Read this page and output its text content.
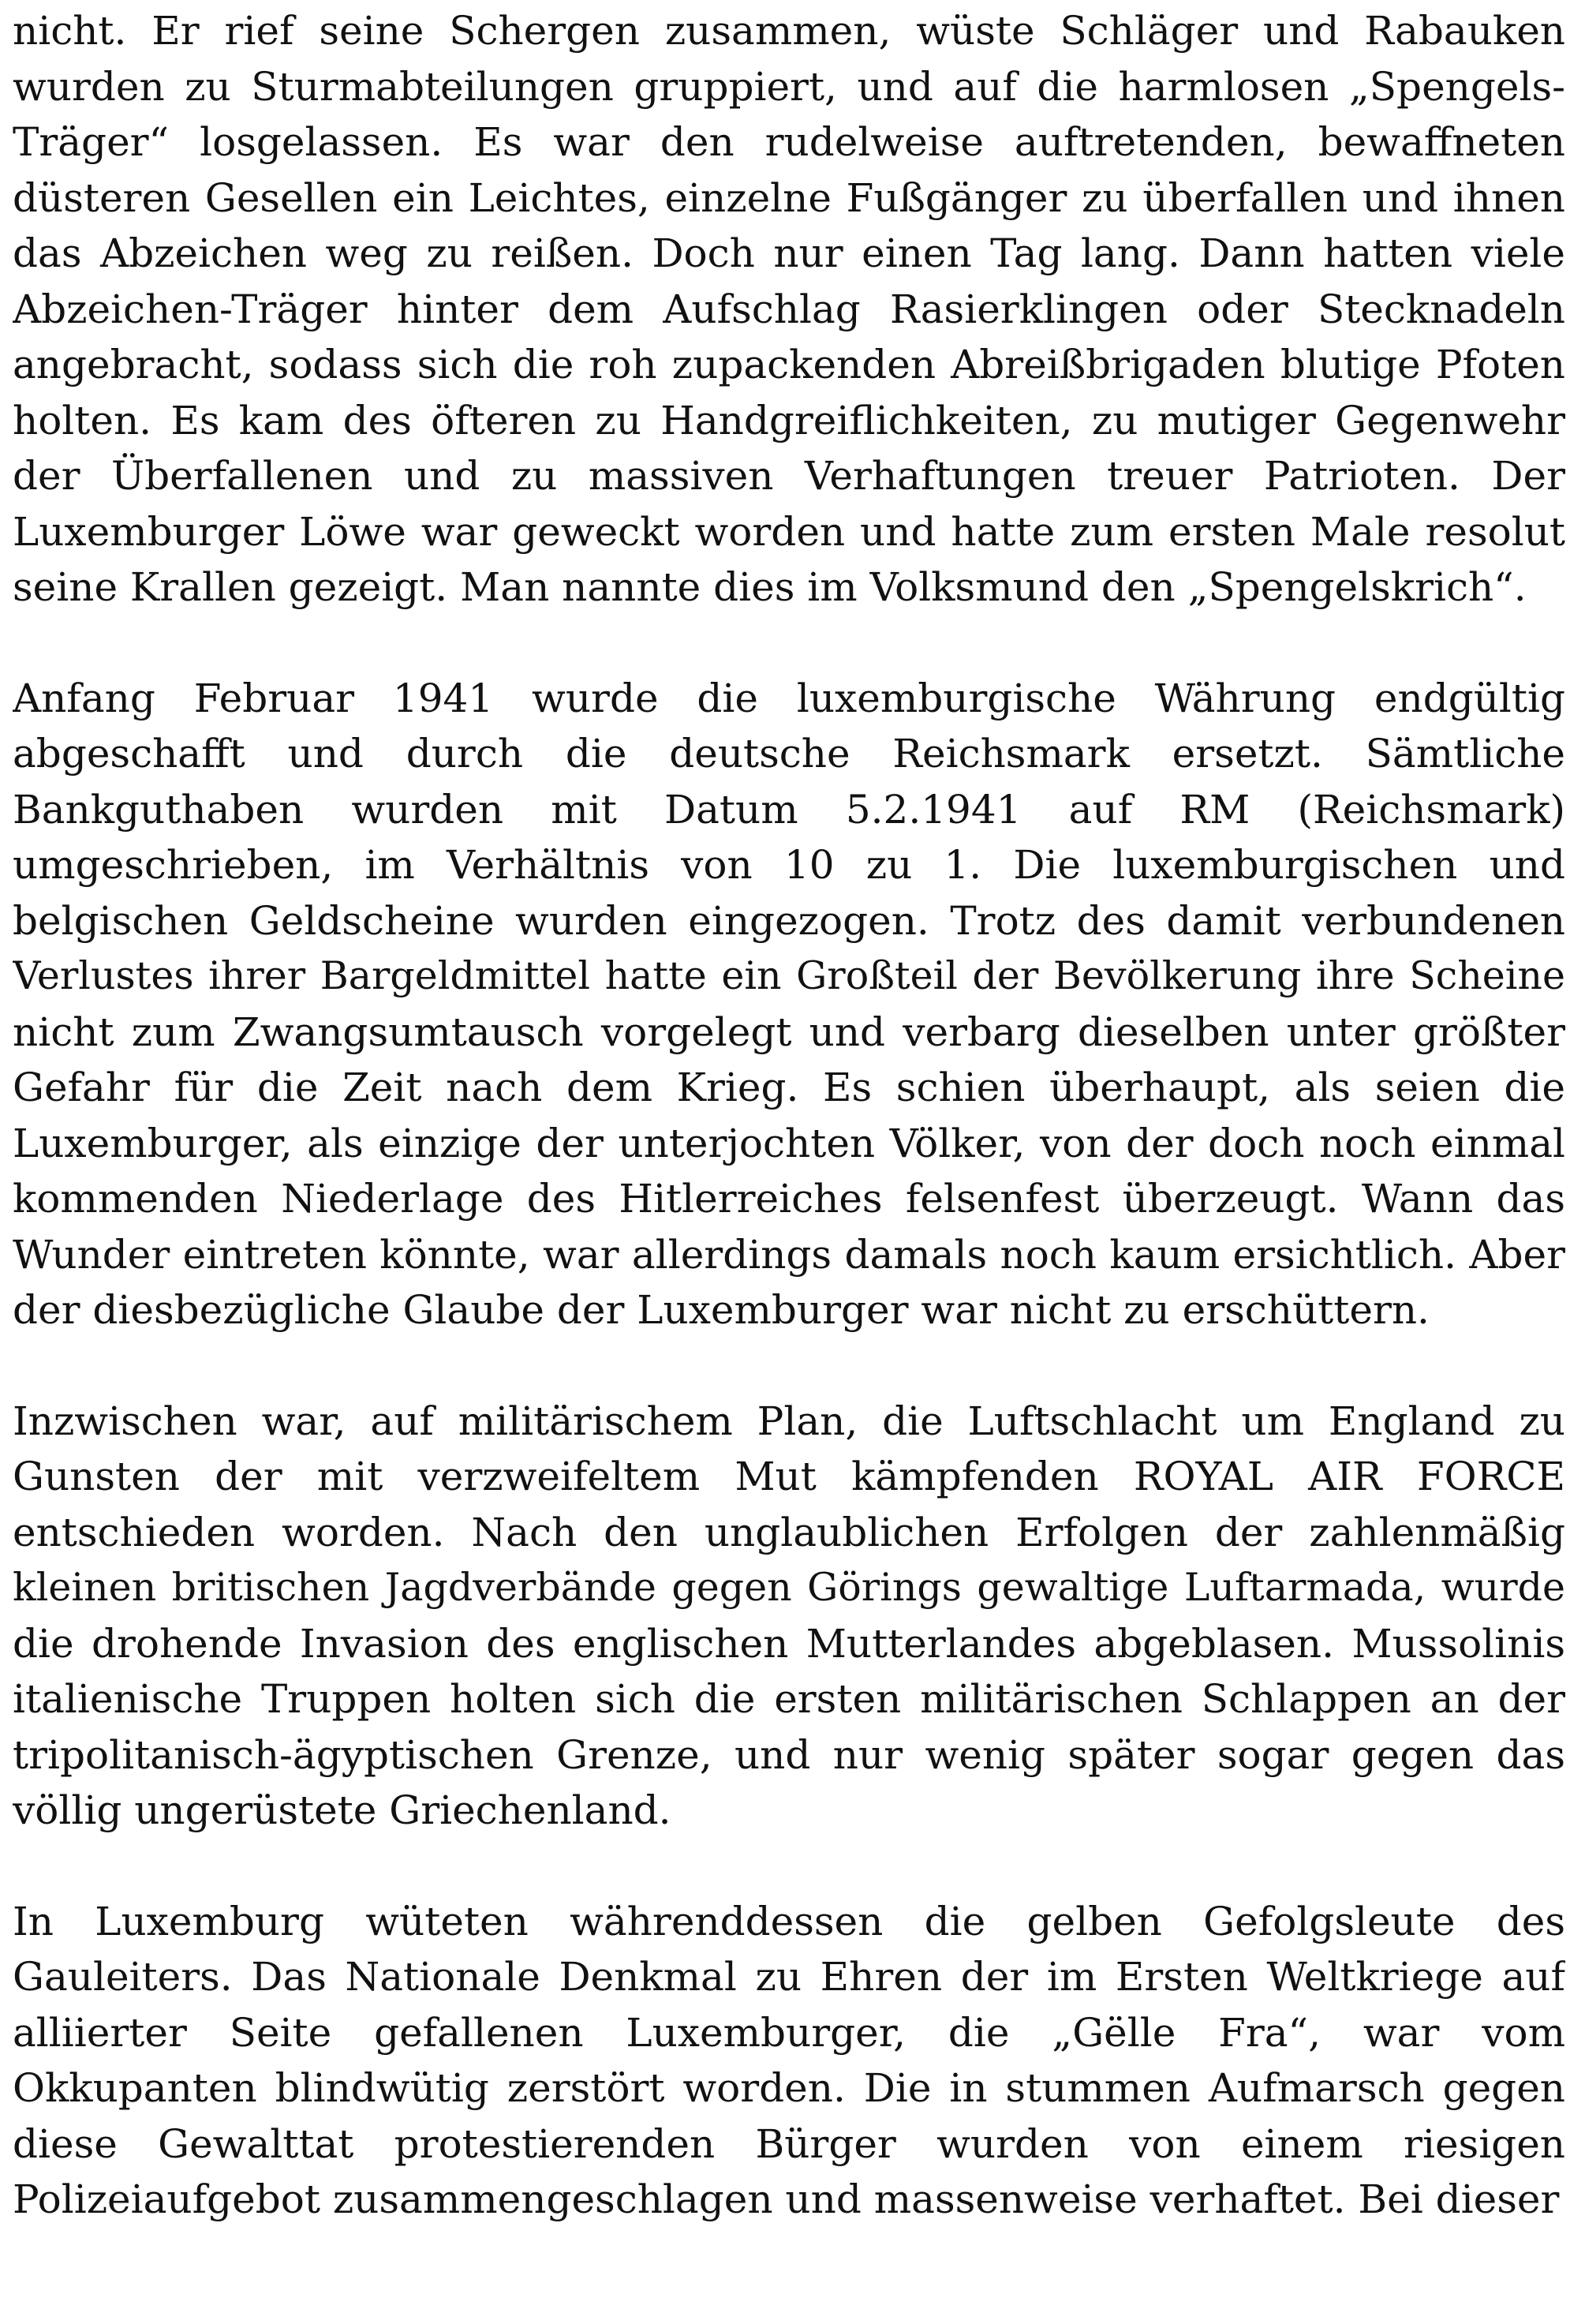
nicht. Er rief seine Schergen zusammen, wüste Schläger und Rabauken
wurden zu Sturmabteilungen gruppiert, und auf die harmlosen „Spengels-
Träger“ losgelassen. Es war den rudelweise auftretenden, bewaffneten
düsteren Gesellen ein Leichtes, einzelne Fußgänger zu überfallen und ihnen
das Abzeichen weg zu reißen. Doch nur einen Tag lang. Dann hatten viele
Abzeichen-Träger hinter dem Aufschlag Rasierklingen oder Stecknadeln
angebracht, sodass sich die roh zupackenden Abreißbrigaden blutige Pfoten
holten. Es kam des öfteren zu Handgreiflichkeiten, zu mutiger Gegenwehr
der Überfallenen und zu massiven Verhaftungen treuer Patrioten. Der
Luxemburger Löwe war geweckt worden und hatte zum ersten Male resolut
seine Krallen gezeigt. Man nannte dies im Volksmund den „Spengelskrich“.
Anfang Februar 1941 wurde die luxemburgische Währung endgültig
abgeschafft und durch die deutsche Reichsmark ersetzt. Sämtliche
Bankguthaben wurden mit Datum 5.2.1941 auf RM (Reichsmark)
umgeschrieben, im Verhältnis von 10 zu 1. Die luxemburgischen und
belgischen Geldscheine wurden eingezogen. Trotz des damit verbundenen
Verlustes ihrer Bargeldmittel hatte ein Großteil der Bevölkerung ihre Scheine
nicht zum Zwangsumtausch vorgelegt und verbarg dieselben unter größter
Gefahr für die Zeit nach dem Krieg. Es schien überhaupt, als seien die
Luxemburger, als einzige der unterjochten Völker, von der doch noch einmal
kommenden Niederlage des Hitlerreiches felsenfest überzeugt. Wann das
Wunder eintreten könnte, war allerdings damals noch kaum ersichtlich. Aber
der diesbezügliche Glaube der Luxemburger war nicht zu erschüttern.
Inzwischen war, auf militärischem Plan, die Luftschlacht um England zu
Gunsten der mit verzweifeltem Mut kämpfenden ROYAL AIR FORCE
entschieden worden. Nach den unglaublichen Erfolgen der zahlenmäßig
kleinen britischen Jagdverbände gegen Görings gewaltige Luftarmada, wurde
die drohende Invasion des englischen Mutterlandes abgeblasen. Mussolinis
italienische Truppen holten sich die ersten militärischen Schlappen an der
tripolitanisch-ägyptischen Grenze, und nur wenig später sogar gegen das
völlig ungerüstete Griechenland.
In Luxemburg wüteten währenddessen die gelben Gefolgsleute des
Gauleiters. Das Nationale Denkmal zu Ehren der im Ersten Weltkriege auf
alliierter Seite gefallenen Luxemburger, die „Gëlle Fra“, war vom
Okkupanten blindwütig zerstört worden. Die in stummen Aufmarsch gegen
diese Gewalttat protestierenden Bürger wurden von einem riesigen
Polizeiaufgebot zusammengeschlagen und massenweise verhaftet. Bei dieser
